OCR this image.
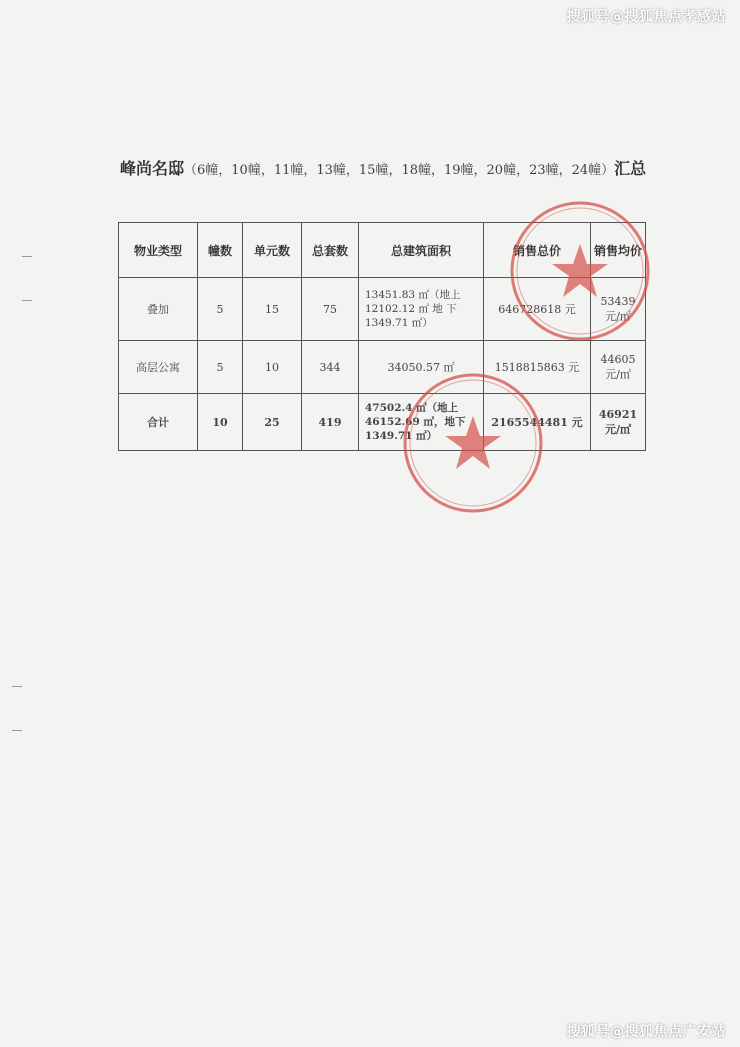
搜狐号@搜狐焦点孝感站
峰尚名邸（6幢，10幢，11幢，13幢，15幢，18幢，19幢，20幢，23幢，24幢）汇总
物业类型	幢数	单元数	总套数	总建筑面积	销售总价	销售均价
叠加	5	15	75	13451.83 ㎡（地上
12102.12 ㎡ 地 下
1349.71 ㎡）	646728618 元	53439 元/㎡
高层公寓	5	10	344	34050.57 ㎡	1518815863 元	44605 元/㎡
合计	10	25	419	47502.4 ㎡（地上
46152.69 ㎡，地下
1349.71 ㎡）	2165544481 元	46921 元/㎡
搜狐号@搜狐焦点广安站
